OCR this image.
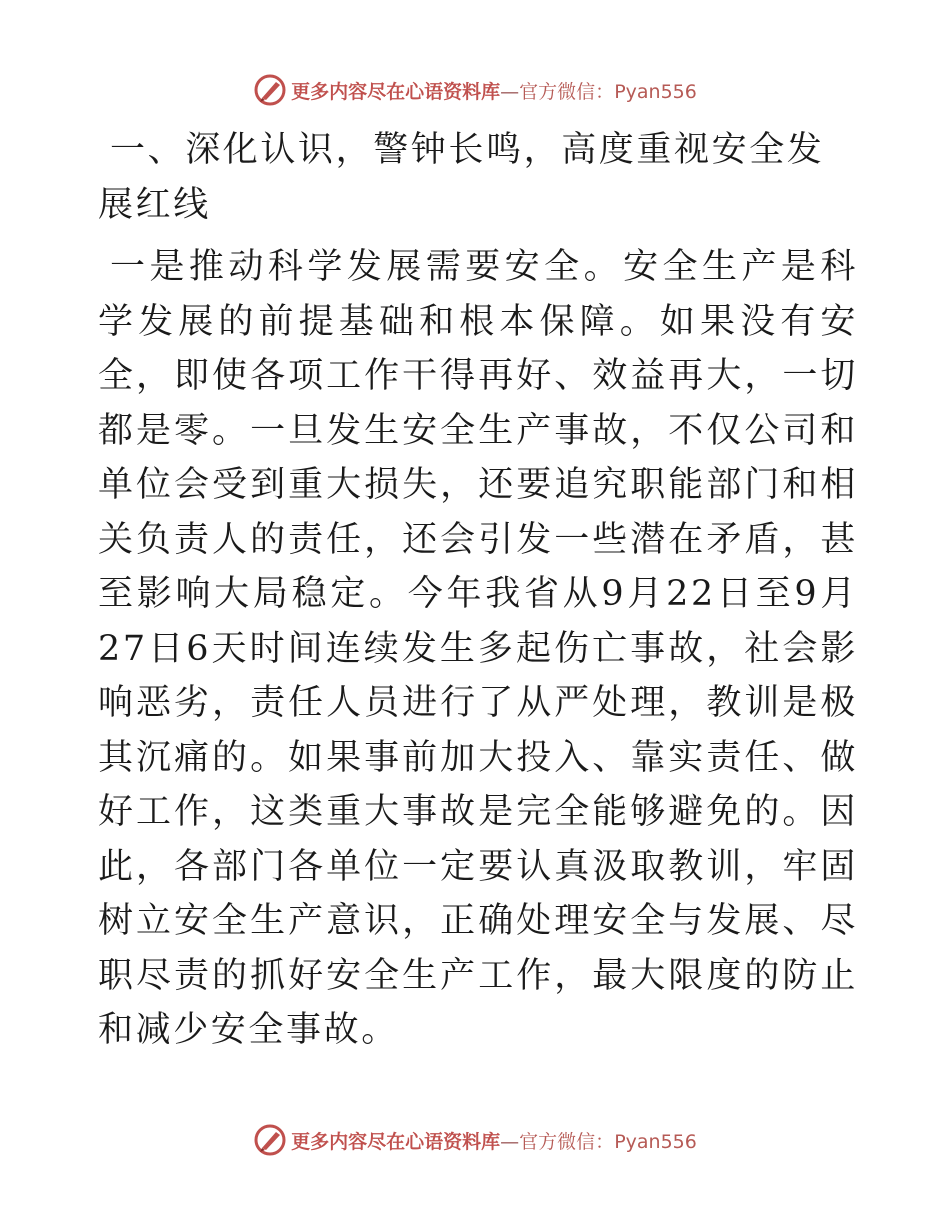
更多内容尽在心语资料库—官方微信：Pyan556
一、深化认识，警钟长鸣，高度重视安全发展红线

一是推动科学发展需要安全。安全生产是科学发展的前提基础和根本保障。如果没有安全，即使各项工作干得再好、效益再大，一切都是零。一旦发生安全生产事故，不仅公司和单位会受到重大损失，还要追究职能部门和相关负责人的责任，还会引发一些潜在矛盾，甚至影响大局稳定。今年我省从9月22日至9月27日6天时间连续发生多起伤亡事故，社会影响恶劣，责任人员进行了从严处理，教训是极其沉痛的。如果事前加大投入、靠实责任、做好工作，这类重大事故是完全能够避免的。因此，各部门各单位一定要认真汲取教训，牢固树立安全生产意识，正确处理安全与发展、尽职尽责的抓好安全生产工作，最大限度的防止和减少安全事故。

更多内容尽在心语资料库—官方微信：Pyan556
